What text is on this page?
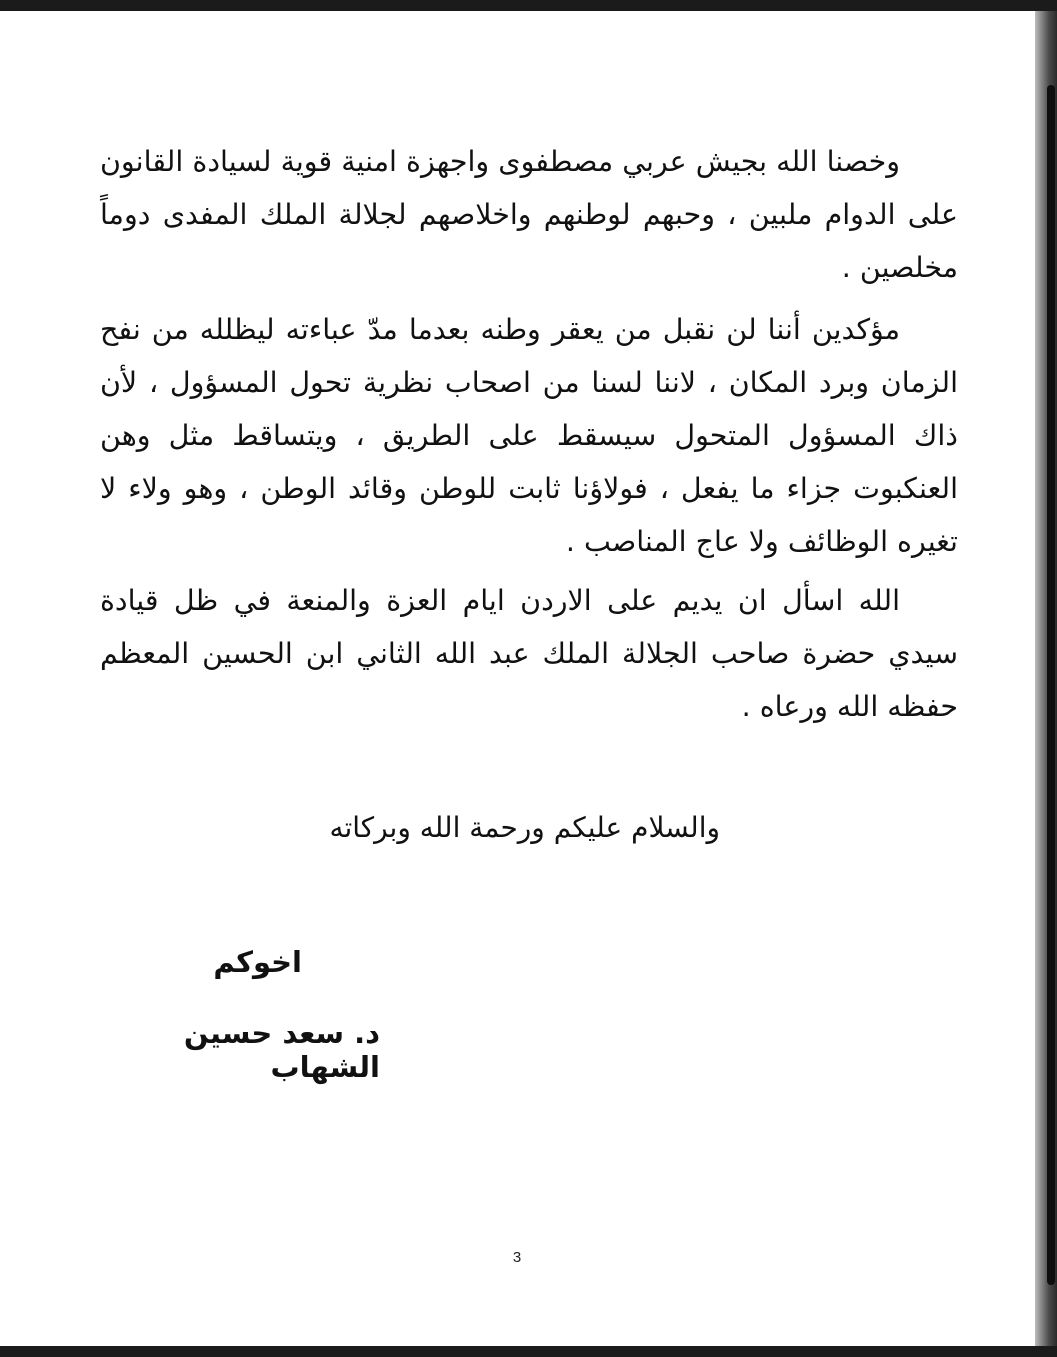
وخصنا الله بجيش عربي مصطفوى واجهزة امنية قوية لسيادة القانون على الدوام ملبين ، وحبهم لوطنهم واخلاصهم لجلالة الملك المفدى دوماً مخلصين .

مؤكدين أننا لن نقبل من يعقر وطنه بعدما مدّ عباءته ليظلله من نفح الزمان وبرد المكان ، لاننا لسنا من اصحاب نظرية تحول المسؤول ، لأن ذاك المسؤول المتحول سيسقط على الطريق ، ويتساقط مثل وهن العنكبوت جزاء ما يفعل ، فولاؤنا ثابت للوطن وقائد الوطن ، وهو ولاء لا تغيره الوظائف ولا عاج المناصب .

الله اسأل ان يديم على الاردن ايام العزة والمنعة في ظل قيادة سيدي حضرة صاحب الجلالة الملك عبد الله الثاني ابن الحسين المعظم حفظه الله ورعاه .

والسلام عليكم ورحمة الله وبركاته
اخوكم
د. سعد حسين الشهاب
3
